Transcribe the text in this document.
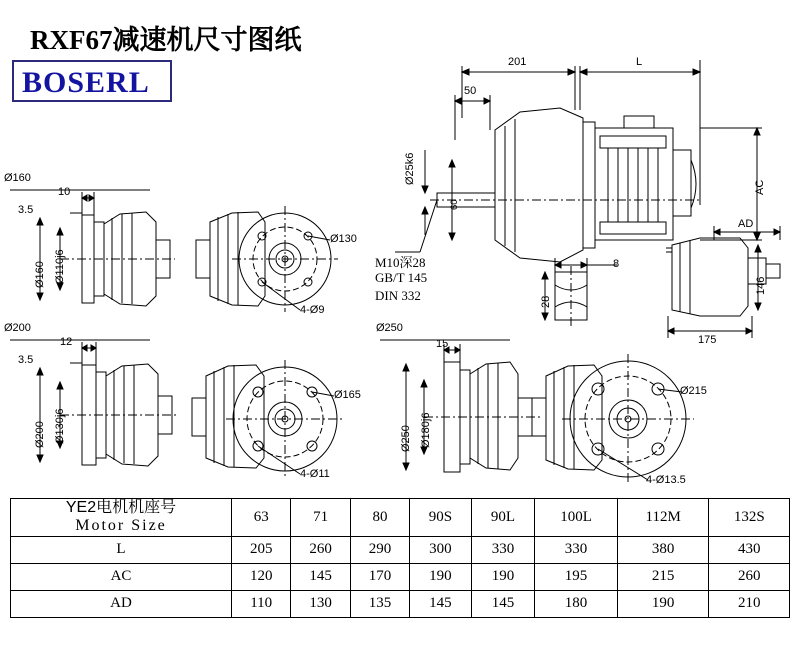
RXF67减速机尺寸图纸
BOSERL
201	L
50
Ø25k6
60
AC
M10深28
GB/T 145
DIN 332
8
28
AD
146
175
Ø160
10
3.5
Ø160 Ø110j6
Ø130
4-Ø9
Ø200
12
3.5
Ø200 Ø130j6
Ø165
4-Ø11
Ø250
15
Ø250 Ø180j6
Ø215
4-Ø13.5
YE2电机机座号
Motor Size	63	71	80	90S	90L	100L	112M	132S
L	205	260	290	300	330	330	380	430
AC	120	145	170	190	190	195	215	260
AD	110	130	135	145	145	180	190	210
